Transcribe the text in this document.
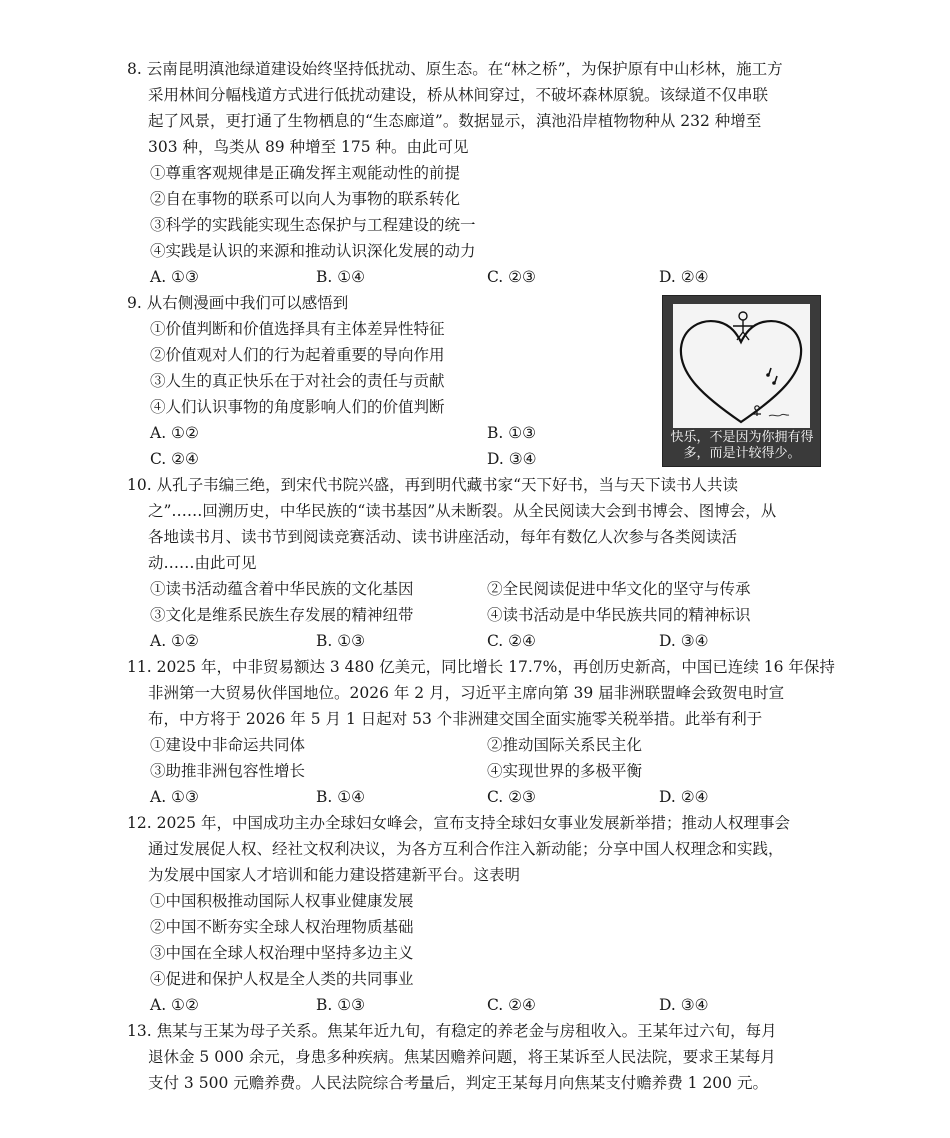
8. 云南昆明滇池绿道建设始终坚持低扰动、原生态。在“林之桥”，为保护原有中山杉林，施工方
采用林间分幅栈道方式进行低扰动建设，桥从林间穿过，不破坏森林原貌。该绿道不仅串联
起了风景，更打通了生物栖息的“生态廊道”。数据显示，滇池沿岸植物物种从 232 种增至
303 种，鸟类从 89 种增至 175 种。由此可见
①尊重客观规律是正确发挥主观能动性的前提
②自在事物的联系可以向人为事物的联系转化
③科学的实践能实现生态保护与工程建设的统一
④实践是认识的来源和推动认识深化发展的动力
A. ①③	B. ①④	C. ②③	D. ②④
9. 从右侧漫画中我们可以感悟到
①价值判断和价值选择具有主体差异性特征
②价值观对人们的行为起着重要的导向作用
③人生的真正快乐在于对社会的责任与贡献
④人们认识事物的角度影响人们的价值判断
A. ①②	B. ①③
C. ②④	D. ③④
快乐，不是因为你拥有得多，而是计较得少。
10. 从孔子韦编三绝，到宋代书院兴盛，再到明代藏书家“天下好书，当与天下读书人共读
之”……回溯历史，中华民族的“读书基因”从未断裂。从全民阅读大会到书博会、图博会，从
各地读书月、读书节到阅读竞赛活动、读书讲座活动，每年有数亿人次参与各类阅读活
动……由此可见
①读书活动蕴含着中华民族的文化基因	②全民阅读促进中华文化的坚守与传承
③文化是维系民族生存发展的精神纽带	④读书活动是中华民族共同的精神标识
A. ①②	B. ①③	C. ②④	D. ③④
11. 2025 年，中非贸易额达 3 480 亿美元，同比增长 17.7%，再创历史新高，中国已连续 16 年保持
非洲第一大贸易伙伴国地位。2026 年 2 月，习近平主席向第 39 届非洲联盟峰会致贺电时宣
布，中方将于 2026 年 5 月 1 日起对 53 个非洲建交国全面实施零关税举措。此举有利于
①建设中非命运共同体	②推动国际关系民主化
③助推非洲包容性增长	④实现世界的多极平衡
A. ①③	B. ①④	C. ②③	D. ②④
12. 2025 年，中国成功主办全球妇女峰会，宣布支持全球妇女事业发展新举措；推动人权理事会
通过发展促人权、经社文权利决议，为各方互利合作注入新动能；分享中国人权理念和实践，
为发展中国家人才培训和能力建设搭建新平台。这表明
①中国积极推动国际人权事业健康发展
②中国不断夯实全球人权治理物质基础
③中国在全球人权治理中坚持多边主义
④促进和保护人权是全人类的共同事业
A. ①②	B. ①③	C. ②④	D. ③④
13. 焦某与王某为母子关系。焦某年近九旬，有稳定的养老金与房租收入。王某年过六旬，每月
退休金 5 000 余元，身患多种疾病。焦某因赡养问题，将王某诉至人民法院，要求王某每月
支付 3 500 元赡养费。人民法院综合考量后，判定王某每月向焦某支付赡养费 1 200 元。
